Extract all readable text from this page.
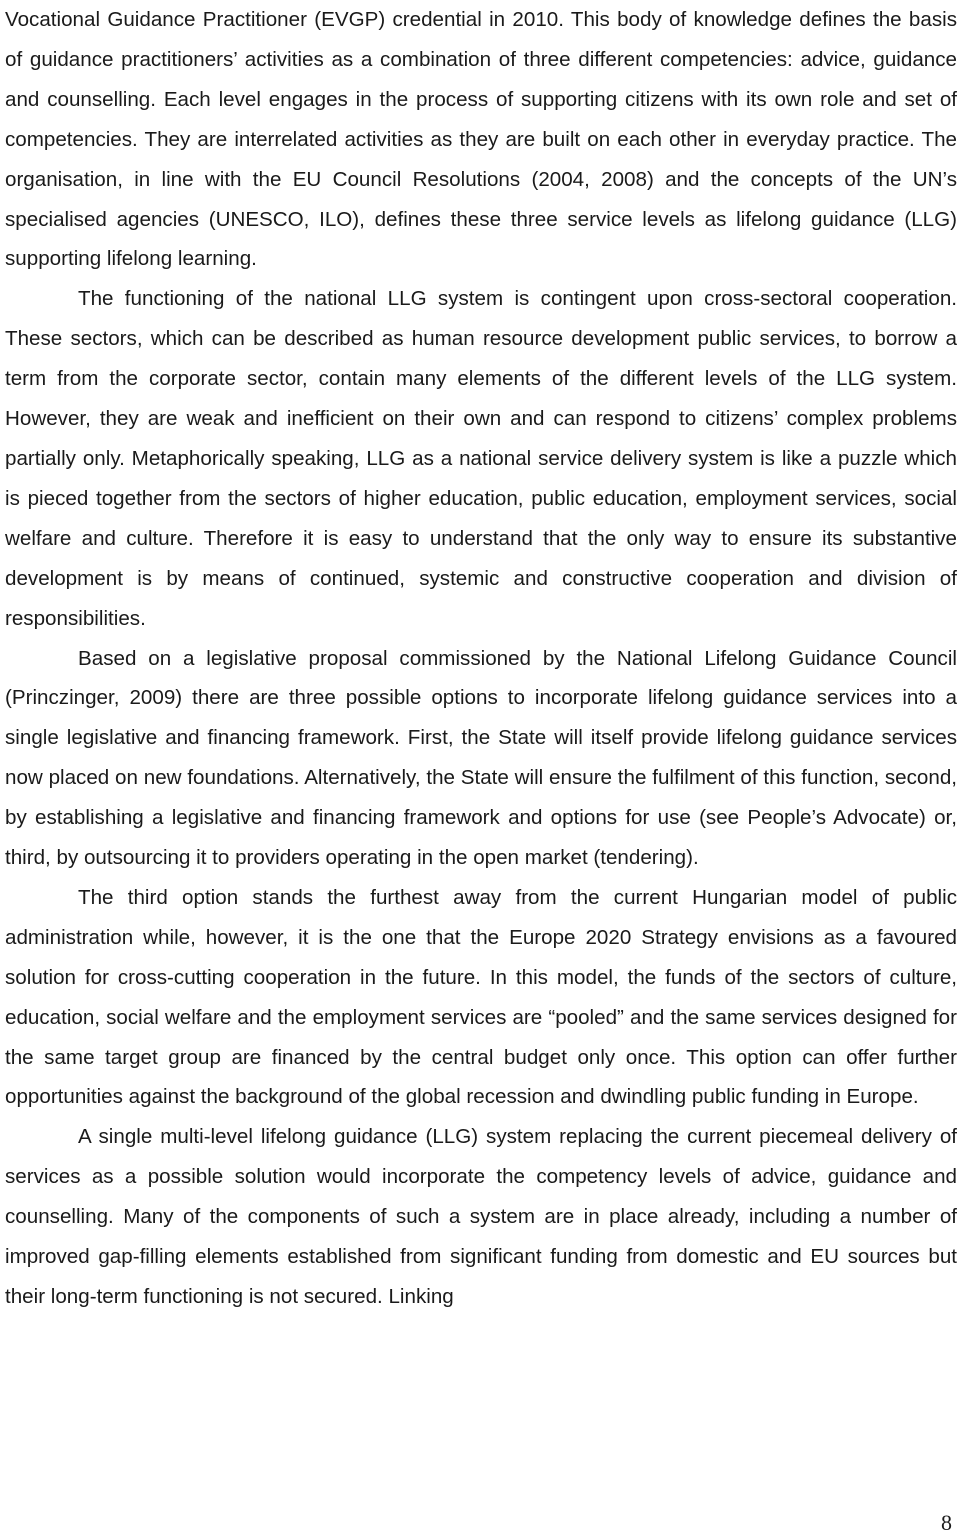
Vocational Guidance Practitioner (EVGP) credential in 2010. This body of knowledge defines the basis of guidance practitioners’ activities as a combination of three different competencies: advice, guidance and counselling. Each level engages in the process of supporting citizens with its own role and set of competencies. They are interrelated activities as they are built on each other in everyday practice. The organisation, in line with the EU Council Resolutions (2004, 2008) and the concepts of the UN’s specialised agencies (UNESCO, ILO), defines these three service levels as lifelong guidance (LLG) supporting lifelong learning.

The functioning of the national LLG system is contingent upon cross-sectoral cooperation. These sectors, which can be described as human resource development public services, to borrow a term from the corporate sector, contain many elements of the different levels of the LLG system. However, they are weak and inefficient on their own and can respond to citizens’ complex problems partially only. Metaphorically speaking, LLG as a national service delivery system is like a puzzle which is pieced together from the sectors of higher education, public education, employment services, social welfare and culture. Therefore it is easy to understand that the only way to ensure its substantive development is by means of continued, systemic and constructive cooperation and division of responsibilities.

Based on a legislative proposal commissioned by the National Lifelong Guidance Council (Princzinger, 2009) there are three possible options to incorporate lifelong guidance services into a single legislative and financing framework. First, the State will itself provide lifelong guidance services now placed on new foundations. Alternatively, the State will ensure the fulfilment of this function, second, by establishing a legislative and financing framework and options for use (see People’s Advocate) or, third, by outsourcing it to providers operating in the open market (tendering).

The third option stands the furthest away from the current Hungarian model of public administration while, however, it is the one that the Europe 2020 Strategy envisions as a favoured solution for cross-cutting cooperation in the future. In this model, the funds of the sectors of culture, education, social welfare and the employment services are “pooled” and the same services designed for the same target group are financed by the central budget only once. This option can offer further opportunities against the background of the global recession and dwindling public funding in Europe.

A single multi-level lifelong guidance (LLG) system replacing the current piecemeal delivery of services as a possible solution would incorporate the competency levels of advice, guidance and counselling. Many of the components of such a system are in place already, including a number of improved gap-filling elements established from significant funding from domestic and EU sources but their long-term functioning is not secured. Linking

8
